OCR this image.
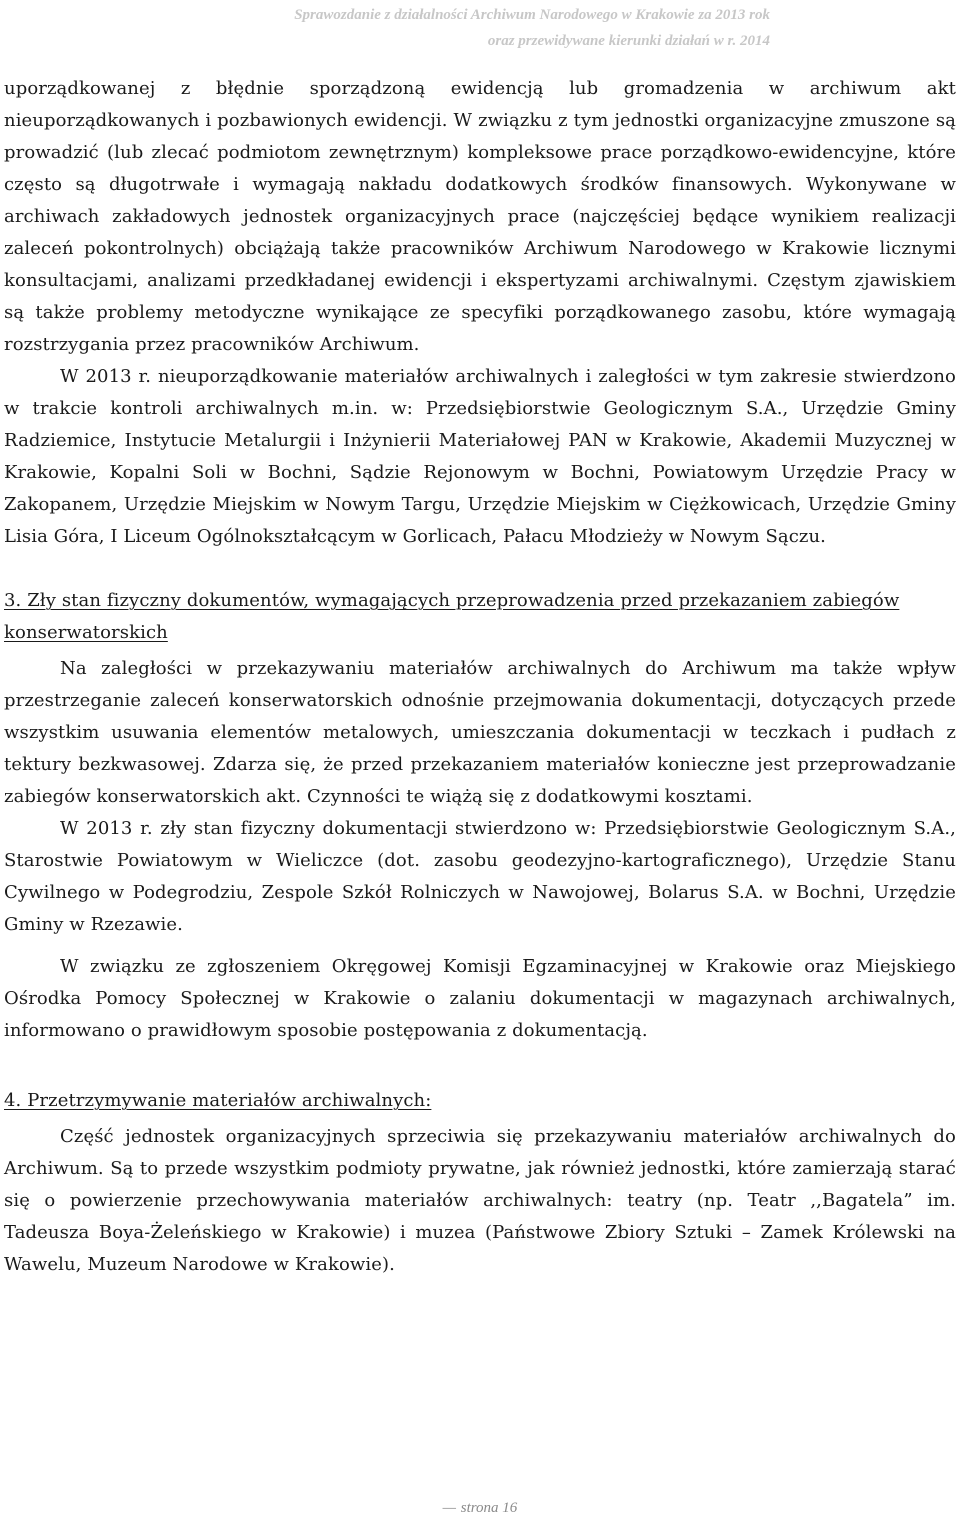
Sprawozdanie z działalności Archiwum Narodowego w Krakowie za 2013 rok
oraz przewidywane kierunki działań w r. 2014

uporządkowanej z błędnie sporządzoną ewidencją lub gromadzenia w archiwum akt nieuporządkowanych i pozbawionych ewidencji. W związku z tym jednostki organizacyjne zmuszone są prowadzić (lub zlecać podmiotom zewnętrznym) kompleksowe prace porządkowo-ewidencyjne, które często są długotrwałe i wymagają nakładu dodatkowych środków finansowych. Wykonywane w archiwach zakładowych jednostek organizacyjnych prace (najczęściej będące wynikiem realizacji zaleceń pokontrolnych) obciążają także pracowników Archiwum Narodowego w Krakowie licznymi konsultacjami, analizami przedkładanej ewidencji i ekspertyzami archiwalnymi. Częstym zjawiskiem są także problemy metodyczne wynikające ze specyfiki porządkowanego zasobu, które wymagają rozstrzygania przez pracowników Archiwum.

W 2013 r. nieuporządkowanie materiałów archiwalnych i zaległości w tym zakresie stwierdzono w trakcie kontroli archiwalnych m.in. w: Przedsiębiorstwie Geologicznym S.A., Urzędzie Gminy Radziemice, Instytucie Metalurgii i Inżynierii Materiałowej PAN w Krakowie, Akademii Muzycznej w Krakowie, Kopalni Soli w Bochni, Sądzie Rejonowym w Bochni, Powiatowym Urzędzie Pracy w Zakopanem, Urzędzie Miejskim w Nowym Targu, Urzędzie Miejskim w Ciężkowicach, Urzędzie Gminy Lisia Góra, I Liceum Ogólnokształcącym w Gorlicach, Pałacu Młodzieży w Nowym Sączu.

3. Zły stan fizyczny dokumentów, wymagających przeprowadzenia przed przekazaniem zabiegów konserwatorskich

Na zaległości w przekazywaniu materiałów archiwalnych do Archiwum ma także wpływ przestrzeganie zaleceń konserwatorskich odnośnie przejmowania dokumentacji, dotyczących przede wszystkim usuwania elementów metalowych, umieszczania dokumentacji w teczkach i pudłach z tektury bezkwasowej. Zdarza się, że przed przekazaniem materiałów konieczne jest przeprowadzanie zabiegów konserwatorskich akt. Czynności te wiążą się z dodatkowymi kosztami.

W 2013 r. zły stan fizyczny dokumentacji stwierdzono w: Przedsiębiorstwie Geologicznym S.A., Starostwie Powiatowym w Wieliczce (dot. zasobu geodezyjno-kartograficznego), Urzędzie Stanu Cywilnego w Podegrodziu, Zespole Szkół Rolniczych w Nawojowej, Bolarus S.A. w Bochni, Urzędzie Gminy w Rzezawie.

W związku ze zgłoszeniem Okręgowej Komisji Egzaminacyjnej w Krakowie oraz Miejskiego Ośrodka Pomocy Społecznej w Krakowie o zalaniu dokumentacji w magazynach archiwalnych, informowano o prawidłowym sposobie postępowania z dokumentacją.

4. Przetrzymywanie materiałów archiwalnych:

Część jednostek organizacyjnych sprzeciwia się przekazywaniu materiałów archiwalnych do Archiwum. Są to przede wszystkim podmioty prywatne, jak również jednostki, które zamierzają starać się o powierzenie przechowywania materiałów archiwalnych: teatry (np. Teatr ,,Bagatela” im. Tadeusza Boya-Żeleńskiego w Krakowie) i muzea (Państwowe Zbiory Sztuki – Zamek Królewski na Wawelu, Muzeum Narodowe w Krakowie).

— strona 16
